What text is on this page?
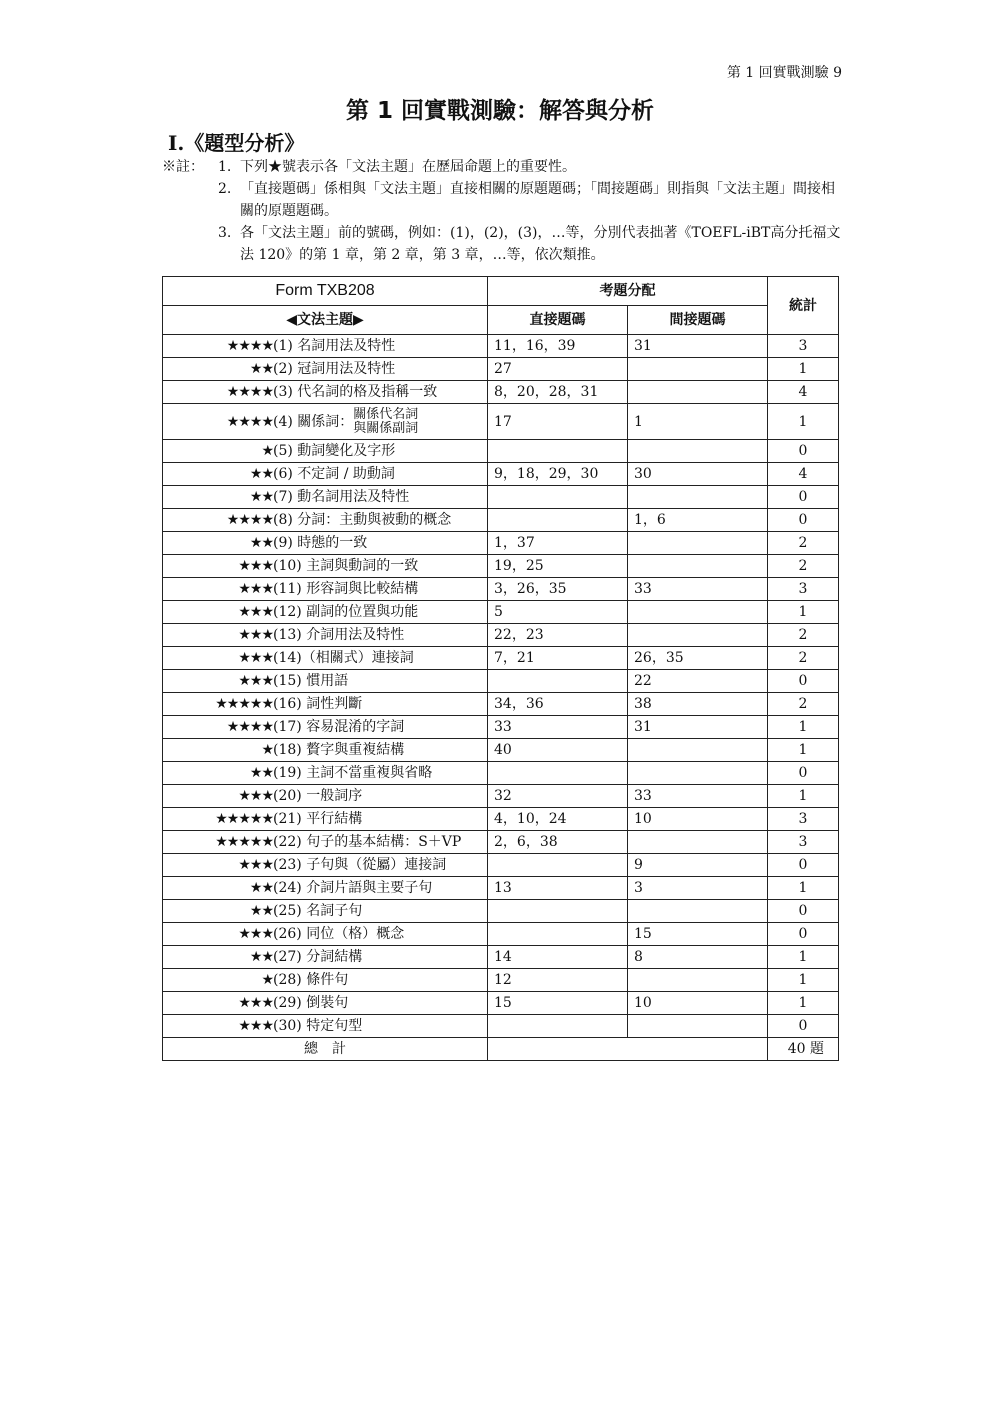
第 1 回實戰測驗 9
第 1 回實戰測驗：解答與分析
Ⅰ.《題型分析》
※註：	1. 下列★號表示各「文法主題」在歷屆命題上的重要性。
2. 「直接題碼」係相與「文法主題」直接相關的原題題碼；「間接題碼」則指與「文法主題」間接相關的原題題碼。
3. 各「文法主題」前的號碼，例如：(1)，(2)，(3)，…等，分別代表拙著《TOEFL-iBT高分托福文法 120》的第 1 章，第 2 章，第 3 章，…等，依次類推。
Form TXB208	考題分配		統計
◀文法主題▶	直接題碼	間接題碼	
★★★★(1) 名詞用法及特性	11，16，39	31	3
★★(2) 冠詞用法及特性	27		1
★★★★(3) 代名詞的格及指稱一致	8，20，28，31		4
★★★★ (4) 關係詞： 關係代名詞
與關係副詞	17	1	1
★(5) 動詞變化及字形			0
★★(6) 不定詞 / 助動詞	9，18，29，30	30	4
★★(7) 動名詞用法及特性			0
★★★★(8) 分詞：主動與被動的概念		1，6	0
★★(9) 時態的一致	1，37		2
★★★(10) 主詞與動詞的一致	19，25		2
★★★(11) 形容詞與比較結構	3，26，35	33	3
★★★(12) 副詞的位置與功能	5		1
★★★(13) 介詞用法及特性	22，23		2
★★★(14)（相關式）連接詞	7，21	26，35	2
★★★(15) 慣用語		22	0
★★★★★(16) 詞性判斷	34，36	38	2
★★★★(17) 容易混淆的字詞	33	31	1
★(18) 贅字與重複結構	40		1
★★(19) 主詞不當重複與省略			0
★★★(20) 一般詞序	32	33	1
★★★★★(21) 平行結構	4，10，24	10	3
★★★★★(22) 句子的基本結構：S＋VP	2，6，38		3
★★★(23) 子句與（從屬）連接詞		9	0
★★(24) 介詞片語與主要子句	13	3	1
★★(25) 名詞子句			0
★★★(26) 同位（格）概念		15	0
★★(27) 分詞結構	14	8	1
★(28) 條件句	12		1
★★★(29) 倒裝句	15	10	1
★★★(30) 特定句型			0
總　計			40 題
